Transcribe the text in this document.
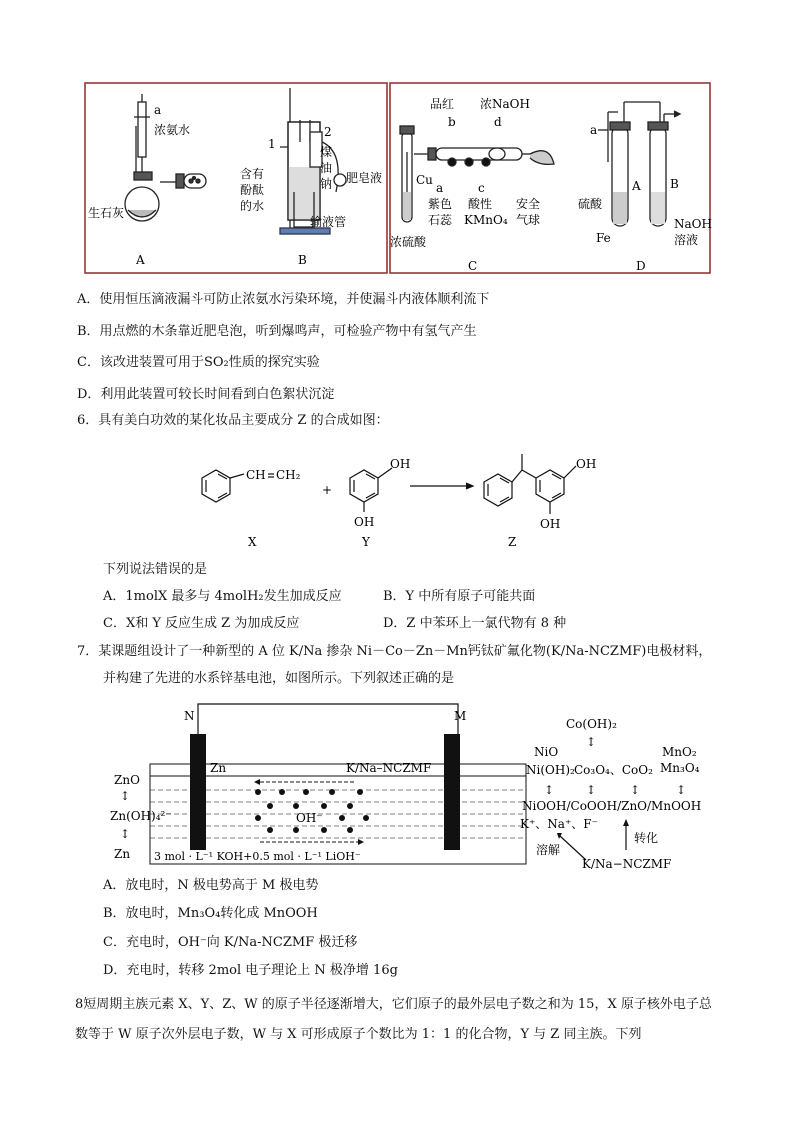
a
浓氨水
生石灰
A
1
2
煤
油
钠
含有
酚酞
的水
肥皂液
输液管
B
品红
b
浓NaOH
d
Cu
a	c
紫色
石蕊
酸性
KMnO₄
安全
气球
浓硫酸
C
a
A B
硫酸
Fe
NaOH
溶液
D
A．使用恒压滴液漏斗可防止浓氨水污染环境，并使漏斗内液体顺利流下
B．用点燃的木条靠近肥皂泡，听到爆鸣声，可检验产物中有氢气产生
C．该改进装置可用于SO₂性质的探究实验
D．利用此装置可较长时间看到白色絮状沉淀
6．具有美白功效的某化妆品主要成分 Z 的合成如图：
CH CH₂
+
OH
OH
OH
OH
X	Y	Z
下列说法错误的是
A．1molX 最多与 4molH₂发生加成反应	B．Y 中所有原子可能共面
C．X和 Y 反应生成 Z 为加成反应	D．Z 中苯环上一氯代物有 8 种
7．某课题组设计了一种新型的 A 位 K/Na 掺杂 Ni－Co－Zn－Mn钙钛矿氟化物(K/Na-NCZMF)电极材料，
并构建了先进的水系锌基电池，如图所示。下列叙述正确的是
N	M
Zn	K/Na–NCZMF
OH⁻
3 mol · L⁻¹ KOH+0.5 mol · L⁻¹ LiOH⁻
ZnO
↕
Zn(OH)₄²⁻
↕
Zn
Co(OH)₂
↕
NiO
Ni(OH)₂ Co₃O₄、CoO₂
MnO₂
Mn₃O₄
↕	↕	↕	↕
NiOOH/CoOOH/ZnO/MnOOH
K⁺、Na⁺、F⁻
溶解
转化
K/Na−NCZMF
A．放电时，N 极电势高于 M 极电势
B．放电时，Mn₃O₄转化成 MnOOH
C．充电时，OH⁻向 K/Na-NCZMF 极迁移
D．充电时，转移 2mol 电子理论上 N 极净增 16g
8短周期主族元素 X、Y、Z、W 的原子半径逐渐增大，它们原子的最外层电子数之和为 15，X 原子核外电子总数等于 W 原子次外层电子数，W 与 X 可形成原子个数比为 1：1 的化合物，Y 与 Z 同主族。下列
